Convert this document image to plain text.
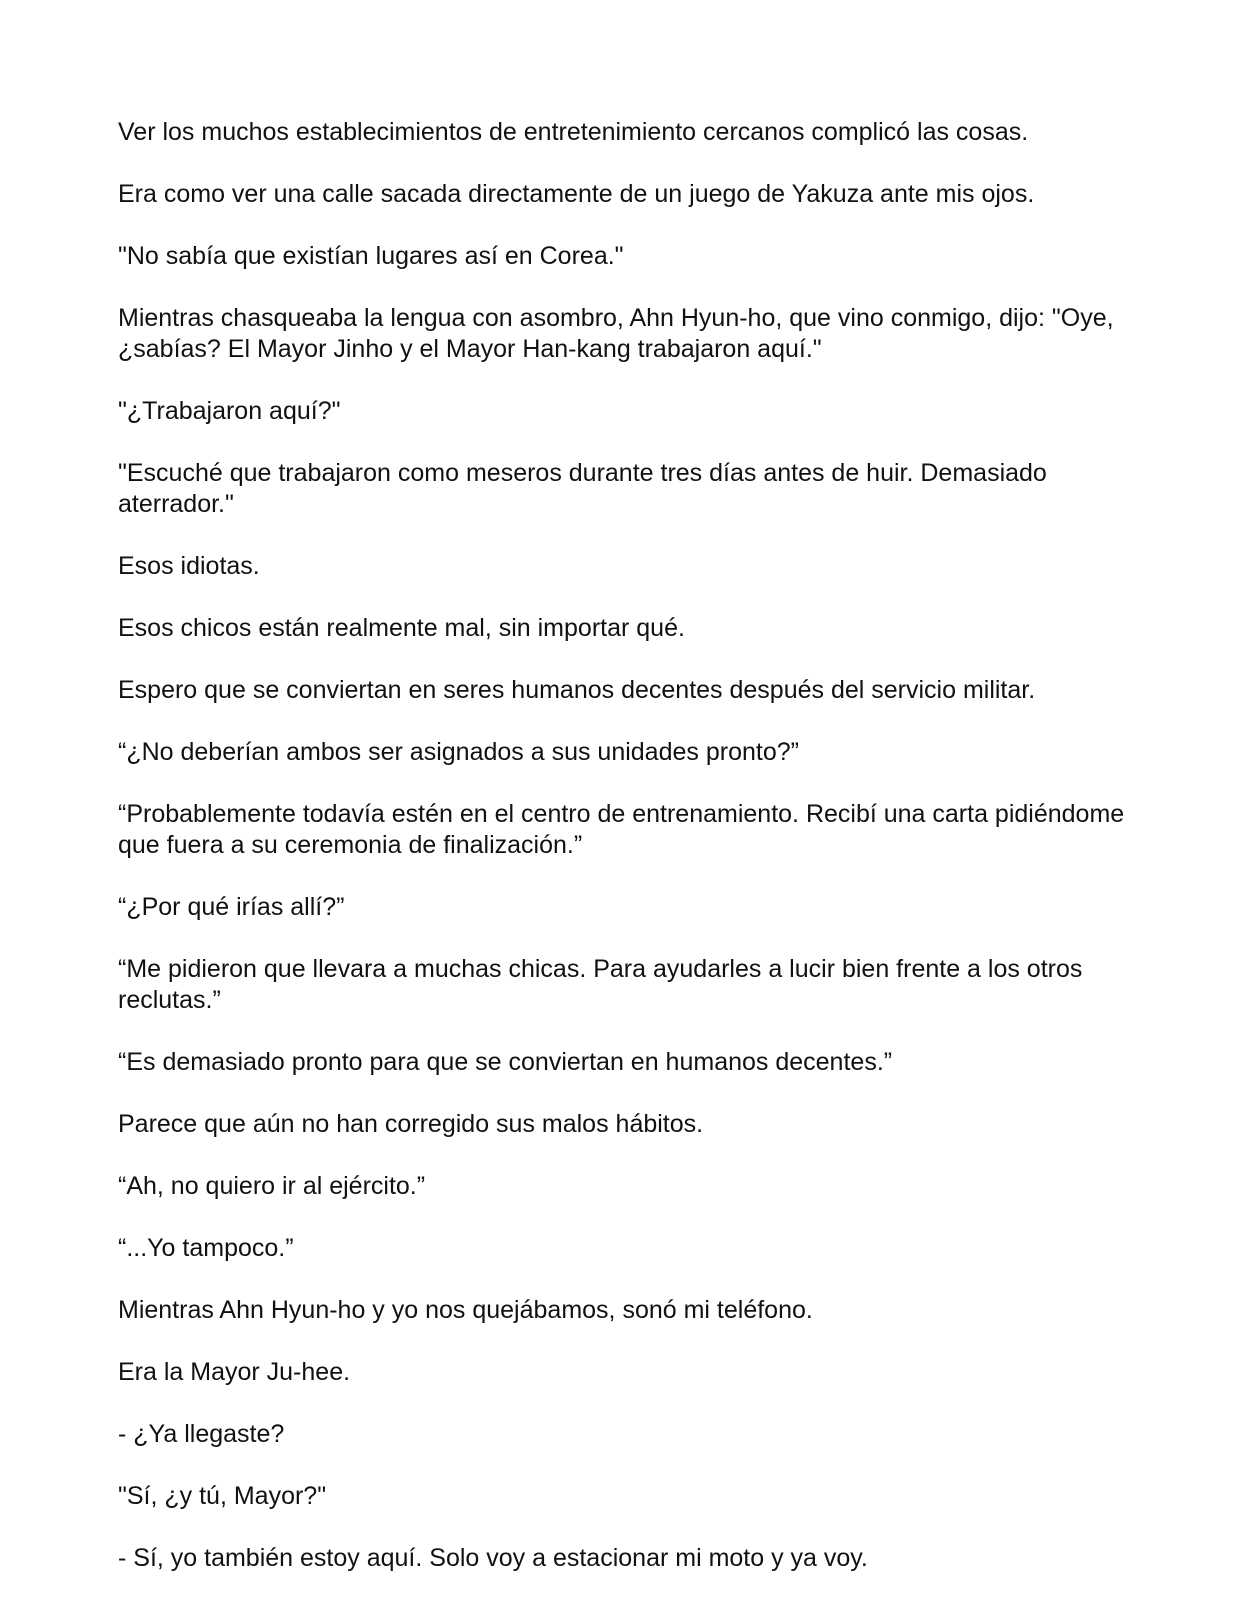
Ver los muchos establecimientos de entretenimiento cercanos complicó las cosas.

Era como ver una calle sacada directamente de un juego de Yakuza ante mis ojos.

"No sabía que existían lugares así en Corea."

Mientras chasqueaba la lengua con asombro, Ahn Hyun-ho, que vino conmigo, dijo: "Oye, ¿sabías? El Mayor Jinho y el Mayor Han-kang trabajaron aquí."

"¿Trabajaron aquí?"

"Escuché que trabajaron como meseros durante tres días antes de huir. Demasiado aterrador."

Esos idiotas.

Esos chicos están realmente mal, sin importar qué.

Espero que se conviertan en seres humanos decentes después del servicio militar.

“¿No deberían ambos ser asignados a sus unidades pronto?”

“Probablemente todavía estén en el centro de entrenamiento. Recibí una carta pidiéndome que fuera a su ceremonia de finalización.”

“¿Por qué irías allí?”

“Me pidieron que llevara a muchas chicas. Para ayudarles a lucir bien frente a los otros reclutas.”

“Es demasiado pronto para que se conviertan en humanos decentes.”

Parece que aún no han corregido sus malos hábitos.

“Ah, no quiero ir al ejército.”

“...Yo tampoco.”

Mientras Ahn Hyun-ho y yo nos quejábamos, sonó mi teléfono.

Era la Mayor Ju-hee.

- ¿Ya llegaste?

"Sí, ¿y tú, Mayor?"

- Sí, yo también estoy aquí. Solo voy a estacionar mi moto y ya voy.
